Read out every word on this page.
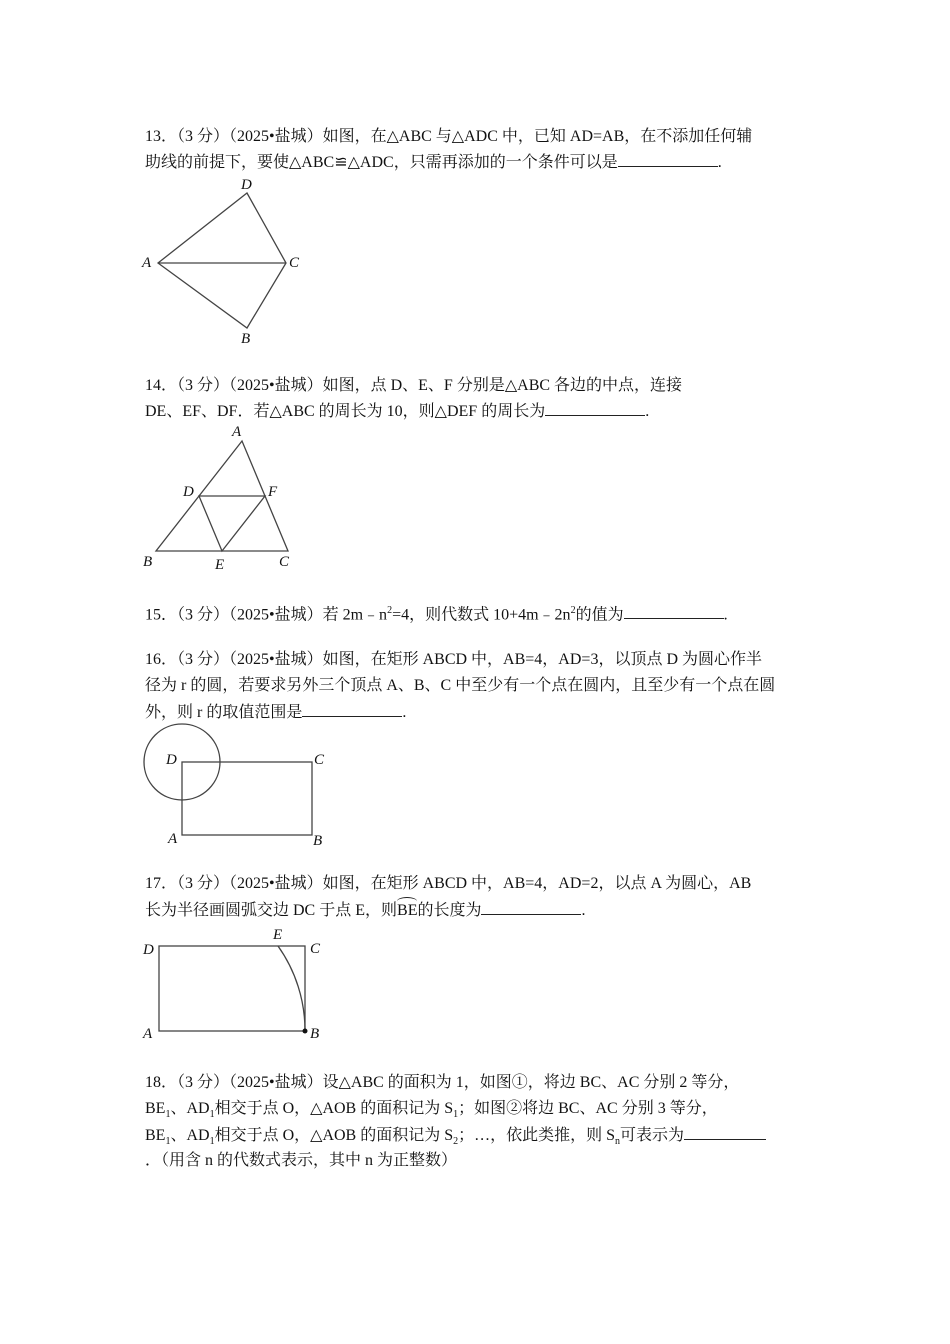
13．（3 分）（2025•盐城）如图，在△ABC 与△ADC 中，已知 AD=AB，在不添加任何辅
助线的前提下，要使△ABC≌△ADC，只需再添加的一个条件可以是	.
D
A	C
B
14．（3 分）（2025•盐城）如图，点 D、E、F 分别是△ABC 各边的中点，连接
DE、EF、DF．若△ABC 的周长为 10，则△DEF 的周长为	.
A
D	F
B	E	C
15．（3 分）（2025•盐城）若 $2m﹣n^2=4$，则代数式 $10+4m﹣2n^2$的值为	.
16．（3 分）（2025•盐城）如图，在矩形 ABCD 中，AB=4，AD=3，以顶点 D 为圆心作半
径为 r 的圆，若要求另外三个顶点 A、B、C 中至少有一个点在圆内，且至少有一个点在圆
外，则 r 的取值范围是	.
D	C
A	B
17．（3 分）（2025•盐城）如图，在矩形 ABCD 中，AB=4，AD=2，以点 A 为圆心，AB
长为半径画圆弧交边 DC 于点 E，则BE的长度为	.
D
E
C
A	B
18．（3 分）（2025•盐城）设△ABC 的面积为 1，如图①，将边 BC、AC 分别 2 等分，
$BE_1$、$AD_1$相交于点 O，△AOB 的面积记为 $S_1$；如图②将边 BC、AC 分别 3 等分，
$BE_1$、$AD_1$相交于点 O，△AOB 的面积记为 $S_2$；…，依此类推，则 $S_n$可表示为
．（用含 n 的代数式表示，其中 n 为正整数）
